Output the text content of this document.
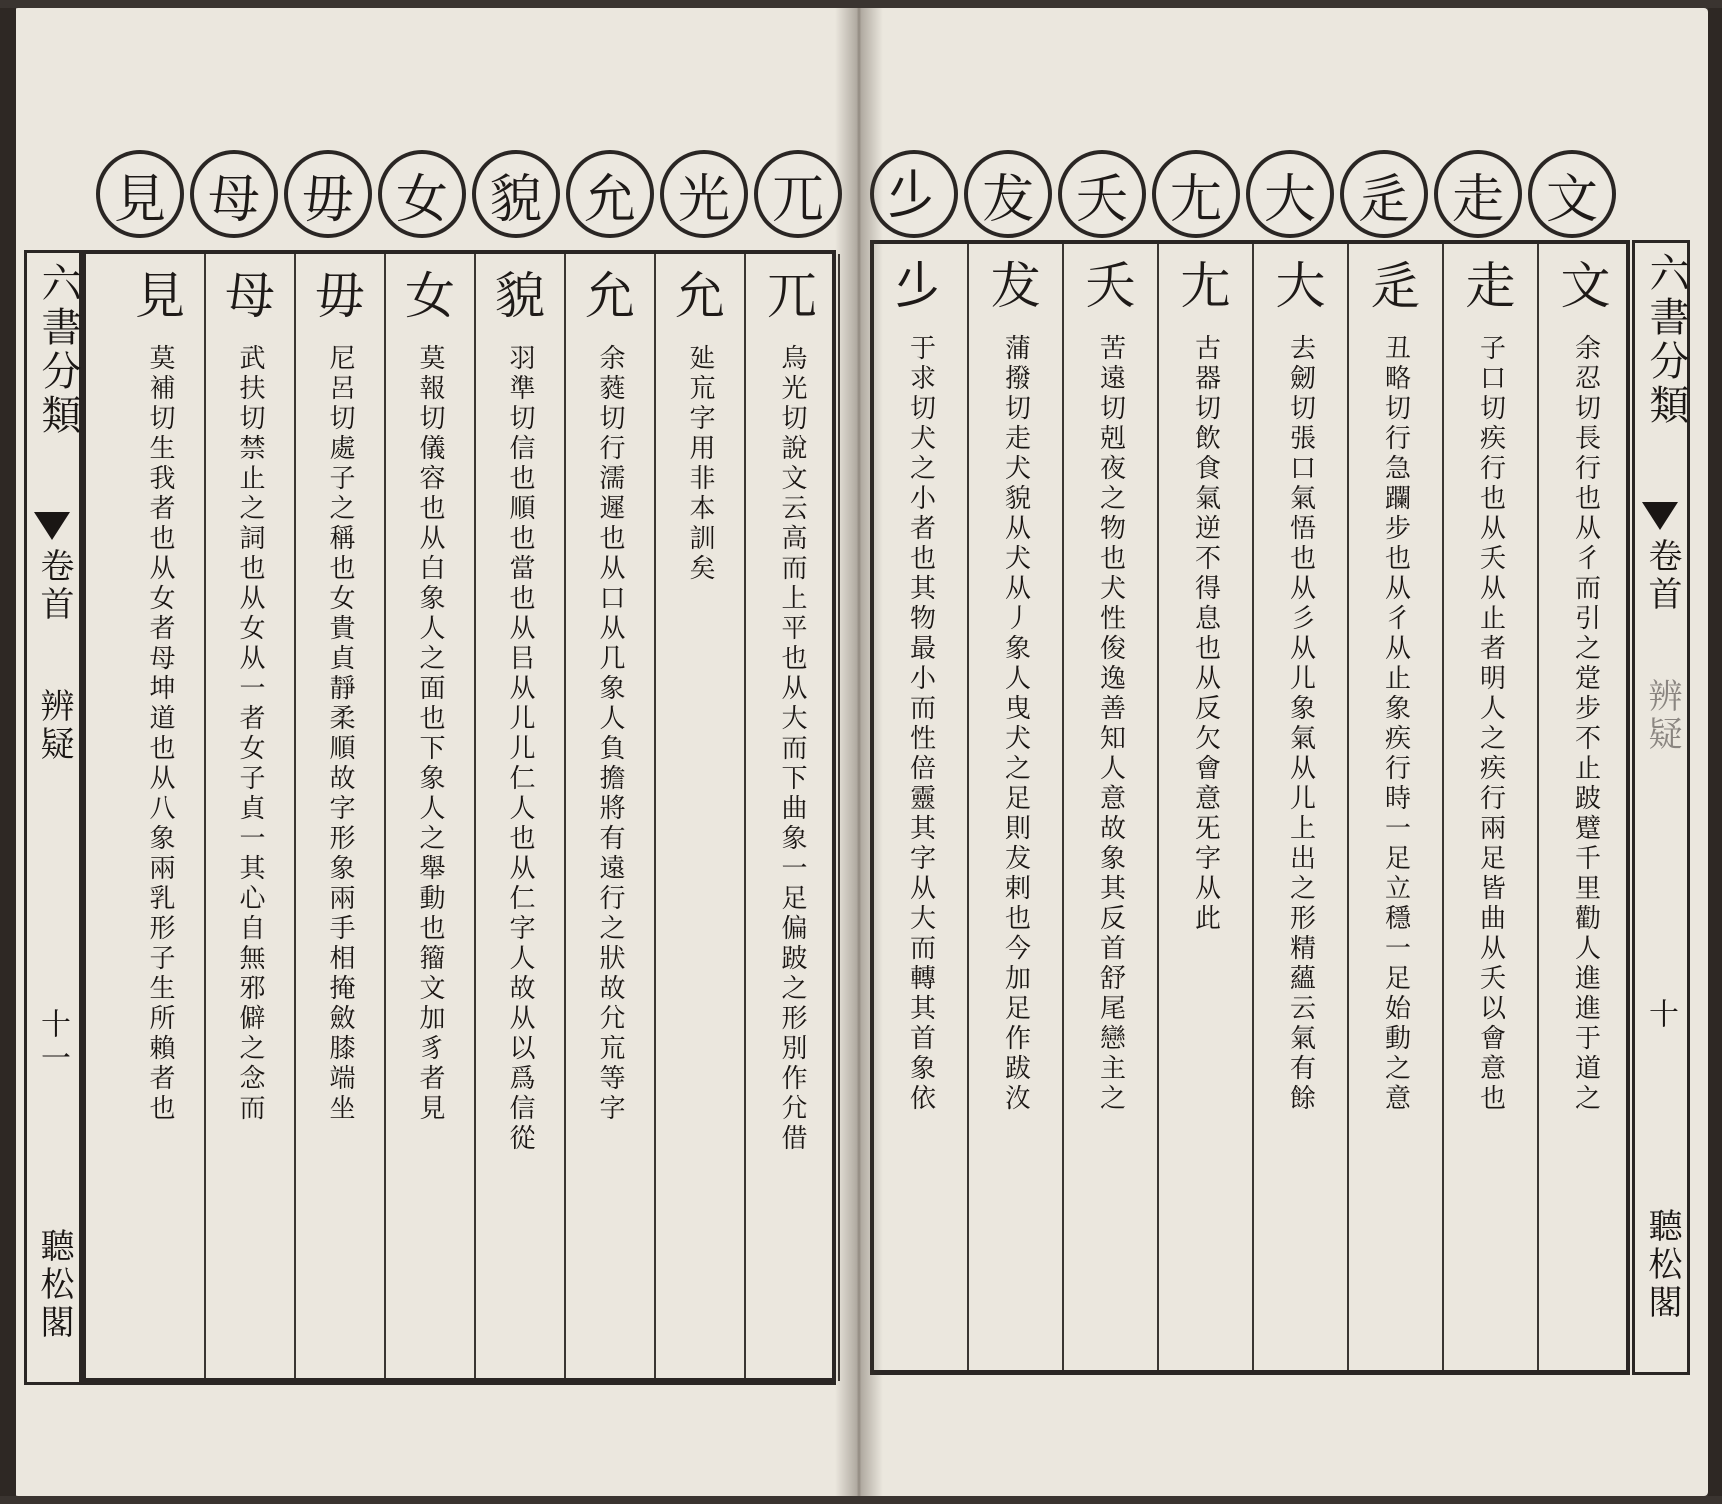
見 母 毋 女 貌 允 光 兀
六書分類
卷首
辨疑
十一
聽松閣
兀
烏光切說文云高而上平也从大而下曲象一足偏跛之形別作𡯂借
允
㢟巟字用非本訓矣
允
余蕤切行濡遲也从口从几象人負擔將有遠行之狀故𡯂巟等字
貌
羽準切信也順也當也从㠯从儿儿仁人也从仁字人故从以爲信從
女
莫報切儀容也从白象人之面也下象人之舉動也籀文加豸者見
毋
尼呂切處子之稱也女貴貞靜柔順故字形象兩手相掩斂膝端坐
母
武扶切禁止之詞也从女从一者女子貞一其心自無邪僻之念而
見
莫補切生我者也从女者母坤道也从八象兩乳形子生所賴者也
𣥂 犮 夭 尢 大 辵 走 文
文
余忍切長行也从彳而引之䟫步不止跛躄千里勸人進進于道之
走
子口切疾行也从夭从止者明人之疾行兩足皆曲从夭以會意也
辵
丑略切行急躝步也从彳从止象疾行時一足立穩一足始動之意
大
去劒切張口氣悟也从彡从儿象氣从儿上出之形精蘊云氣有餘
尢
古器切飲食氣逆不得息也从反欠會意旡字从此
夭
苦遠切剋夜之物也犬性俊逸善知人意故象其反首舒尾戀主之
犮
蒲撥切走犬貌从犬从丿象人曳犬之足則犮剌也今加足作跋㳊
𣥂
于求切犬之小者也其物最小而性倍靈其字从大而轉其首象依	六書分類
卷首
辨疑
十
聽松閣
